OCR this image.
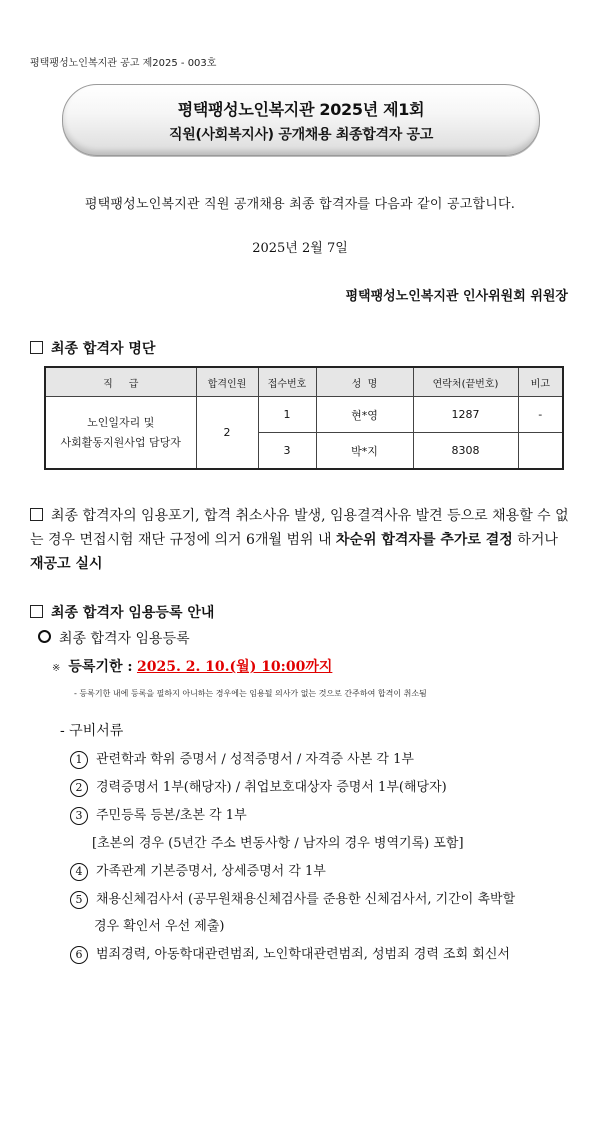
평택팽성노인복지관 공고 제2025 - 003호
평택팽성노인복지관 2025년 제1회
직원(사회복지사) 공개채용 최종합격자 공고
평택팽성노인복지관 직원 공개채용 최종 합격자를 다음과 같이 공고합니다.
2025년 2월 7일
평택팽성노인복지관 인사위원회 위원장
최종 합격자 명단
직     급	합격인원	접수번호	성  명	연락처(끝번호)	비고

노인일자리 및
사회활동지원사업 담당자	2	1	현*영	1287	-
		3	박*지	8308	
최종 합격자의 임용포기, 합격 취소사유 발생, 임용결격사유 발견 등으로 채용할 수 없는 경우 면접시험 재단 규정에 의거 6개월 범위 내 차순위 합격자를 추가로 결정 하거나 재공고 실시
최종 합격자 임용등록 안내
최종 합격자 임용등록
※ 등록기한 : 2025. 2. 10.(월) 10:00까지
- 등록기한 내에 등록을 필하지 아니하는 경우에는 임용될 의사가 없는 것으로 간주하여 합격이 취소됨
- 구비서류
1 관련학과 학위 증명서 / 성적증명서 / 자격증 사본 각 1부
2 경력증명서 1부(해당자) / 취업보호대상자 증명서 1부(해당자)
3 주민등록 등본/초본 각 1부
[초본의 경우 (5년간 주소 변동사항 / 남자의 경우 병역기록) 포함]
4 가족관계 기본증명서, 상세증명서 각 1부
5 채용신체검사서 (공무원채용신체검사를 준용한 신체검사서, 기간이 촉박할
경우 확인서 우선 제출)
6 범죄경력, 아동학대관련범죄, 노인학대관련범죄, 성범죄 경력 조회 회신서
